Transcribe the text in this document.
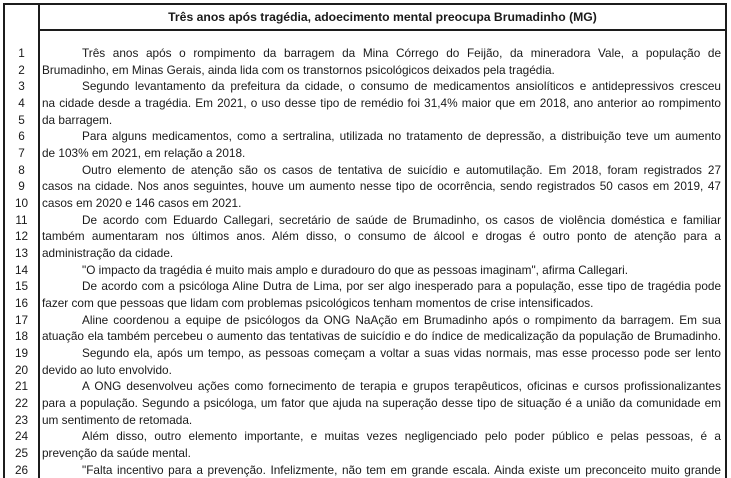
1
2
3
4
5
6
7
8
9
10
11
12
13
14
15
16
17
18
19
20
21
22
23
24
25
26
Três anos após tragédia, adoecimento mental preocupa Brumadinho (MG)
Três anos após o rompimento da barragem da Mina Córrego do Feijão, da mineradora Vale, a população de
Brumadinho, em Minas Gerais, ainda lida com os transtornos psicológicos deixados pela tragédia.
Segundo levantamento da prefeitura da cidade, o consumo de medicamentos ansiolíticos e antidepressivos cresceu
na cidade desde a tragédia. Em 2021, o uso desse tipo de remédio foi 31,4% maior que em 2018, ano anterior ao rompimento
da barragem.
Para alguns medicamentos, como a sertralina, utilizada no tratamento de depressão, a distribuição teve um aumento
de 103% em 2021, em relação a 2018.
Outro elemento de atenção são os casos de tentativa de suicídio e automutilação. Em 2018, foram registrados 27
casos na cidade. Nos anos seguintes, houve um aumento nesse tipo de ocorrência, sendo registrados 50 casos em 2019, 47
casos em 2020 e 146 casos em 2021.
De acordo com Eduardo Callegari, secretário de saúde de Brumadinho, os casos de violência doméstica e familiar
também aumentaram nos últimos anos. Além disso, o consumo de álcool e drogas é outro ponto de atenção para a
administração da cidade.
"O impacto da tragédia é muito mais amplo e duradouro do que as pessoas imaginam", afirma Callegari.
De acordo com a psicóloga Aline Dutra de Lima, por ser algo inesperado para a população, esse tipo de tragédia pode
fazer com que pessoas que lidam com problemas psicológicos tenham momentos de crise intensificados.
Aline coordenou a equipe de psicólogos da ONG NaAção em Brumadinho após o rompimento da barragem. Em sua
atuação ela também percebeu o aumento das tentativas de suicídio e do índice de medicalização da população de Brumadinho.
Segundo ela, após um tempo, as pessoas começam a voltar a suas vidas normais, mas esse processo pode ser lento
devido ao luto envolvido.
A ONG desenvolveu ações como fornecimento de terapia e grupos terapêuticos, oficinas e cursos profissionalizantes
para a população. Segundo a psicóloga, um fator que ajuda na superação desse tipo de situação é a união da comunidade em
um sentimento de retomada.
Além disso, outro elemento importante, e muitas vezes negligenciado pelo poder público e pelas pessoas, é a
prevenção da saúde mental.
"Falta incentivo para a prevenção. Infelizmente, não tem em grande escala. Ainda existe um preconceito muito grande
